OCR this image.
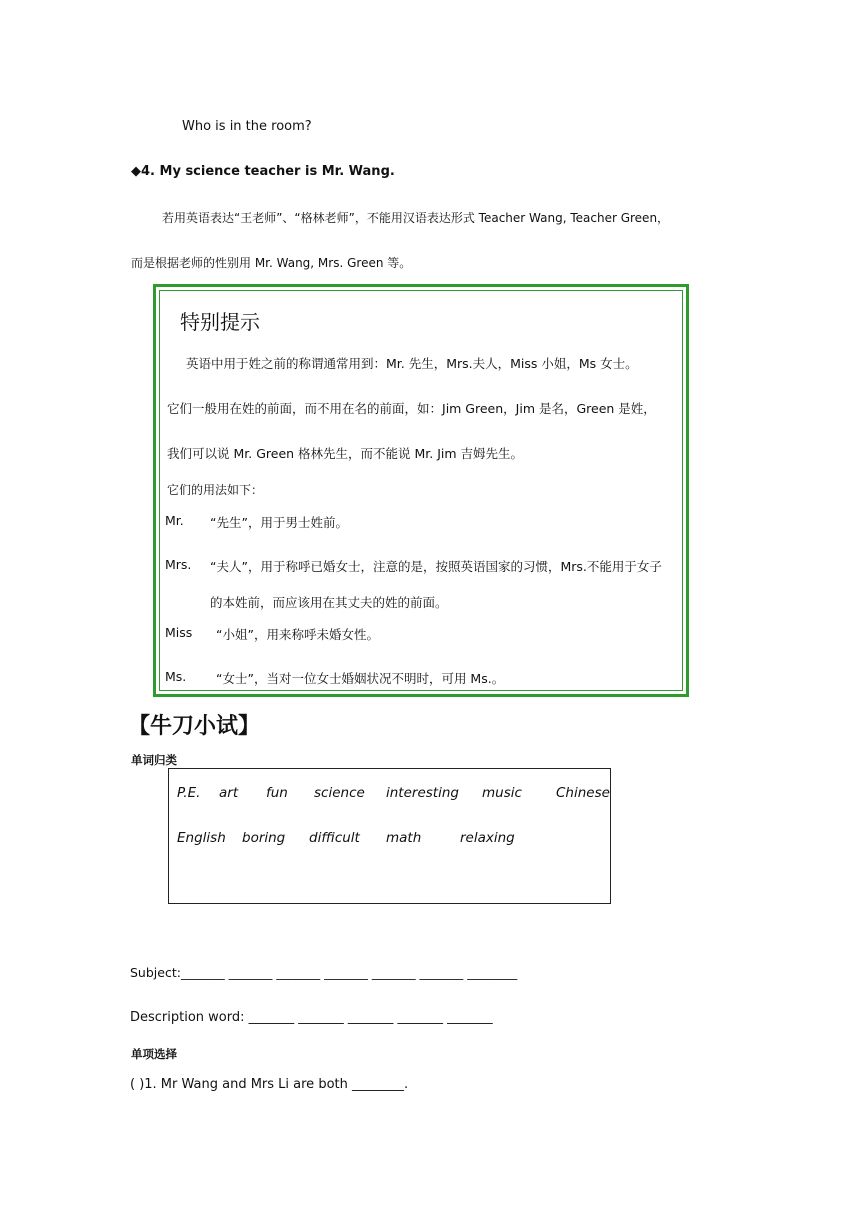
Who is in the room?
◆4. My science teacher is Mr. Wang.
若用英语表达“王老师”、“格林老师”，不能用汉语表达形式 Teacher Wang, Teacher Green，
而是根据老师的性别用 Mr. Wang, Mrs. Green 等。
特别提示
英语中用于姓之前的称谓通常用到：Mr. 先生，Mrs.夫人，Miss 小姐，Ms 女士。
它们一般用在姓的前面，而不用在名的前面，如：Jim Green，Jim 是名，Green 是姓，
我们可以说 Mr. Green 格林先生，而不能说 Mr. Jim 吉姆先生。
它们的用法如下：
Mr. “先生”，用于男士姓前。
Mrs. “夫人”，用于称呼已婚女士，注意的是，按照英语国家的习惯，Mrs.不能用于女子
的本姓前，而应该用在其丈夫的姓的前面。
Miss “小姐”，用来称呼未婚女性。
Ms. “女士”，当对一位女士婚姻状况不明时，可用 Ms.。
【牛刀小试】
单词归类
P.E. art fun science interesting music	Chinese
English boring difficult math	relaxing
Subject:_______ _______ _______ _______ _______ _______ ________
Description word: _______ _______ _______ _______ _______
单项选择
( )1. Mr Wang and Mrs Li are both ________.
